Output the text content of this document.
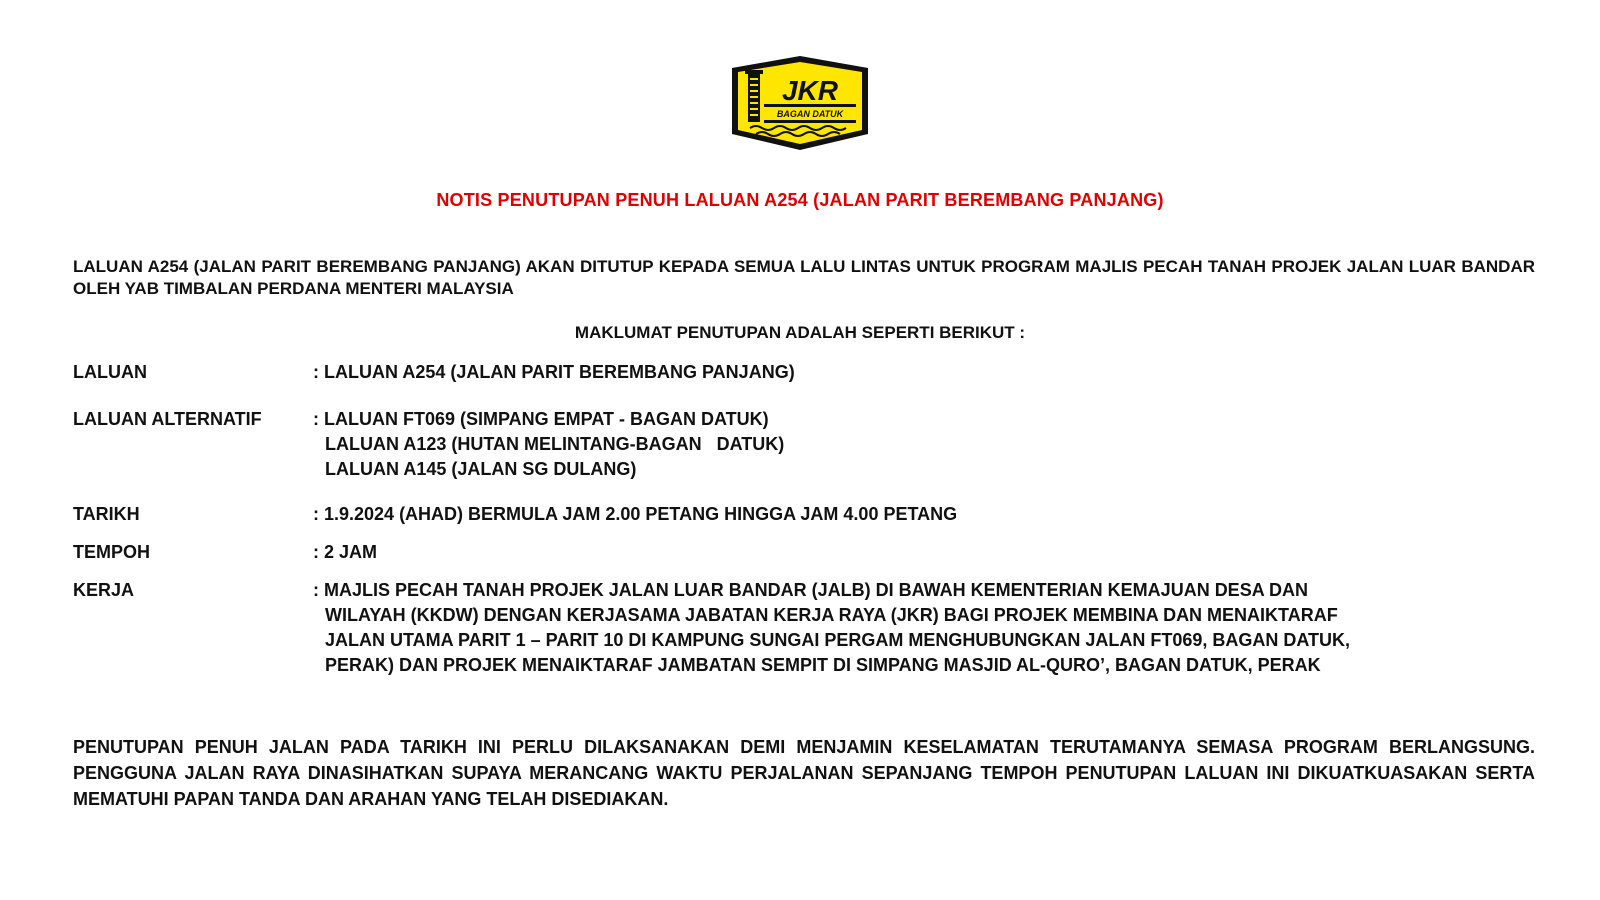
JKR
BAGAN DATUK
NOTIS PENUTUPAN PENUH LALUAN A254 (JALAN PARIT BEREMBANG PANJANG)
LALUAN A254 (JALAN PARIT BEREMBANG PANJANG) AKAN DITUTUP KEPADA SEMUA LALU LINTAS UNTUK PROGRAM MAJLIS PECAH TANAH PROJEK JALAN LUAR BANDAR OLEH YAB TIMBALAN PERDANA MENTERI MALAYSIA
MAKLUMAT PENUTUPAN ADALAH SEPERTI BERIKUT :
LALUAN	: LALUAN A254 (JALAN PARIT BEREMBANG PANJANG)
LALUAN ALTERNATIF	: LALUAN FT069 (SIMPANG EMPAT - BAGAN DATUK)
LALUAN A123 (HUTAN MELINTANG-BAGAN   DATUK)
LALUAN A145 (JALAN SG DULANG)
TARIKH	: 1.9.2024 (AHAD) BERMULA JAM 2.00 PETANG HINGGA JAM 4.00 PETANG
TEMPOH	: 2 JAM
KERJA	: MAJLIS PECAH TANAH PROJEK JALAN LUAR BANDAR (JALB) DI BAWAH KEMENTERIAN KEMAJUAN DESA DAN
WILAYAH (KKDW) DENGAN KERJASAMA JABATAN KERJA RAYA (JKR) BAGI PROJEK MEMBINA DAN MENAIKTARAF
JALAN UTAMA PARIT 1 – PARIT 10 DI KAMPUNG SUNGAI PERGAM MENGHUBUNGKAN JALAN FT069, BAGAN DATUK,
PERAK) DAN PROJEK MENAIKTARAF JAMBATAN SEMPIT DI SIMPANG MASJID AL-QURO’, BAGAN DATUK, PERAK
PENUTUPAN PENUH JALAN PADA TARIKH INI PERLU DILAKSANAKAN DEMI MENJAMIN KESELAMATAN TERUTAMANYA SEMASA PROGRAM BERLANGSUNG. PENGGUNA JALAN RAYA DINASIHATKAN SUPAYA MERANCANG WAKTU PERJALANAN SEPANJANG TEMPOH PENUTUPAN LALUAN INI DIKUATKUASAKAN SERTA MEMATUHI PAPAN TANDA DAN ARAHAN YANG TELAH DISEDIAKAN.
